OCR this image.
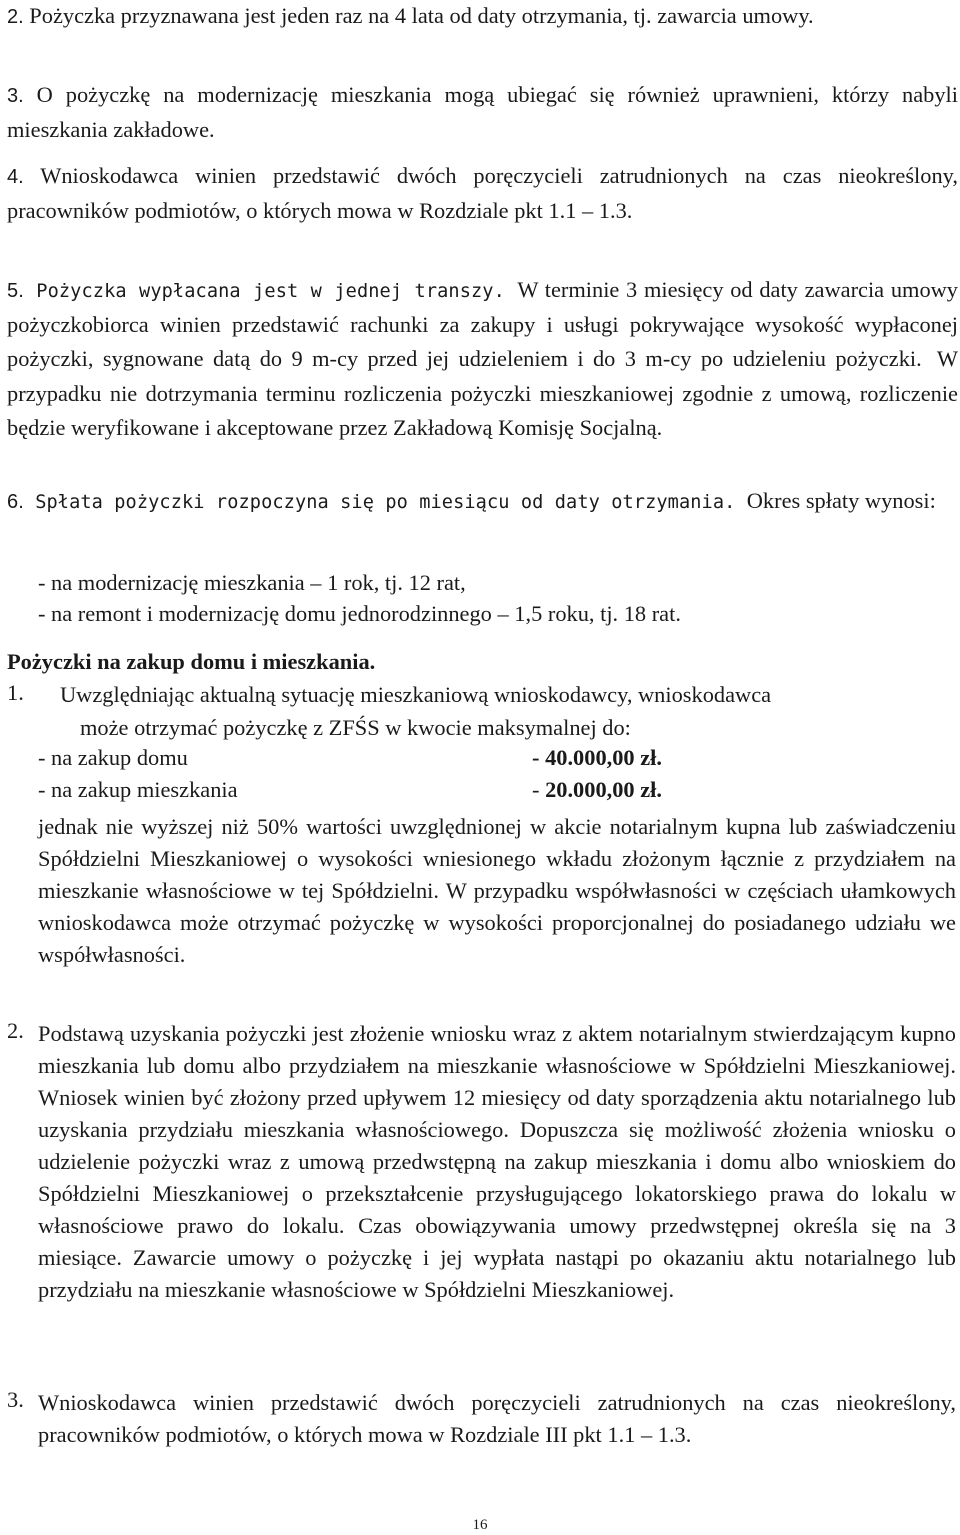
2. Pożyczka przyznawana jest jeden raz na 4 lata od daty otrzymania, tj. zawarcia umowy.
3. O pożyczkę na modernizację mieszkania mogą ubiegać się również uprawnieni, którzy nabyli mieszkania zakładowe.
4. Wnioskodawca winien przedstawić dwóch poręczycieli zatrudnionych na czas nieokreślony, pracowników podmiotów, o których mowa w Rozdziale pkt 1.1 – 1.3.
5. Pożyczka wypłacana jest w jednej transzy. W terminie 3 miesięcy od daty zawarcia umowy pożyczkobiorca winien przedstawić rachunki za zakupy i usługi pokrywające wysokość wypłaconej pożyczki, sygnowane datą do 9 m-cy przed jej udzieleniem i do 3 m-cy po udzieleniu pożyczki. W przypadku nie dotrzymania terminu rozliczenia pożyczki mieszkaniowej zgodnie z umową, rozliczenie będzie weryfikowane i akceptowane przez Zakładową Komisję Socjalną.
6. Spłata pożyczki rozpoczyna się po miesiącu od daty otrzymania. Okres spłaty wynosi:
- na modernizację mieszkania – 1 rok, tj. 12 rat,
- na remont i modernizację domu jednorodzinnego – 1,5 roku, tj. 18 rat.
Pożyczki na zakup domu i mieszkania.
1. Uwzględniając aktualną sytuację mieszkaniową wnioskodawcy, wnioskodawca
może otrzymać pożyczkę z ZFŚS w kwocie maksymalnej do:
- na zakup domu	- 40.000,00 zł.
- na zakup mieszkania	- 20.000,00 zł.
jednak nie wyższej niż 50% wartości uwzględnionej w akcie notarialnym kupna lub zaświadczeniu Spółdzielni Mieszkaniowej o wysokości wniesionego wkładu złożonym łącznie z przydziałem na mieszkanie własnościowe w tej Spółdzielni. W przypadku współwłasności w częściach ułamkowych wnioskodawca może otrzymać pożyczkę w wysokości proporcjonalnej do posiadanego udziału we współwłasności.
2. Podstawą uzyskania pożyczki jest złożenie wniosku wraz z aktem notarialnym stwierdzającym kupno mieszkania lub domu albo przydziałem na mieszkanie własnościowe w Spółdzielni Mieszkaniowej. Wniosek winien być złożony przed upływem 12 miesięcy od daty sporządzenia aktu notarialnego lub uzyskania przydziału mieszkania własnościowego. Dopuszcza się możliwość złożenia wniosku o udzielenie pożyczki wraz z umową przedwstępną na zakup mieszkania i domu albo wnioskiem do Spółdzielni Mieszkaniowej o przekształcenie przysługującego lokatorskiego prawa do lokalu w własnościowe prawo do lokalu. Czas obowiązywania umowy przedwstępnej określa się na 3 miesiące. Zawarcie umowy o pożyczkę i jej wypłata nastąpi po okazaniu aktu notarialnego lub przydziału na mieszkanie własnościowe w Spółdzielni Mieszkaniowej.
3. Wnioskodawca winien przedstawić dwóch poręczycieli zatrudnionych na czas nieokreślony, pracowników podmiotów, o których mowa w Rozdziale III pkt 1.1 – 1.3.
16
